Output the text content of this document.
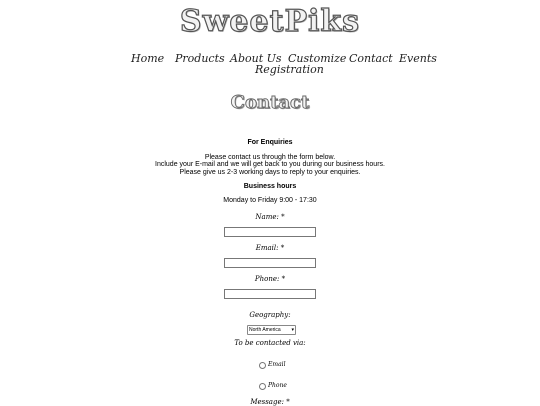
SweetPiks
Home Products About Us Customize Contact Events
Registration
Contact
For Enquiries
Please contact us through the form below.
Include your E-mail and we will get back to you during our business hours.
Please give us 2-3 working days to reply to your enquiries.
Business hours
Monday to Friday 9:00 - 17:30
Name: *
Email: *
Phone: *
Geography:
North America ▾
To be contacted via:
Email
Phone
Message: *
